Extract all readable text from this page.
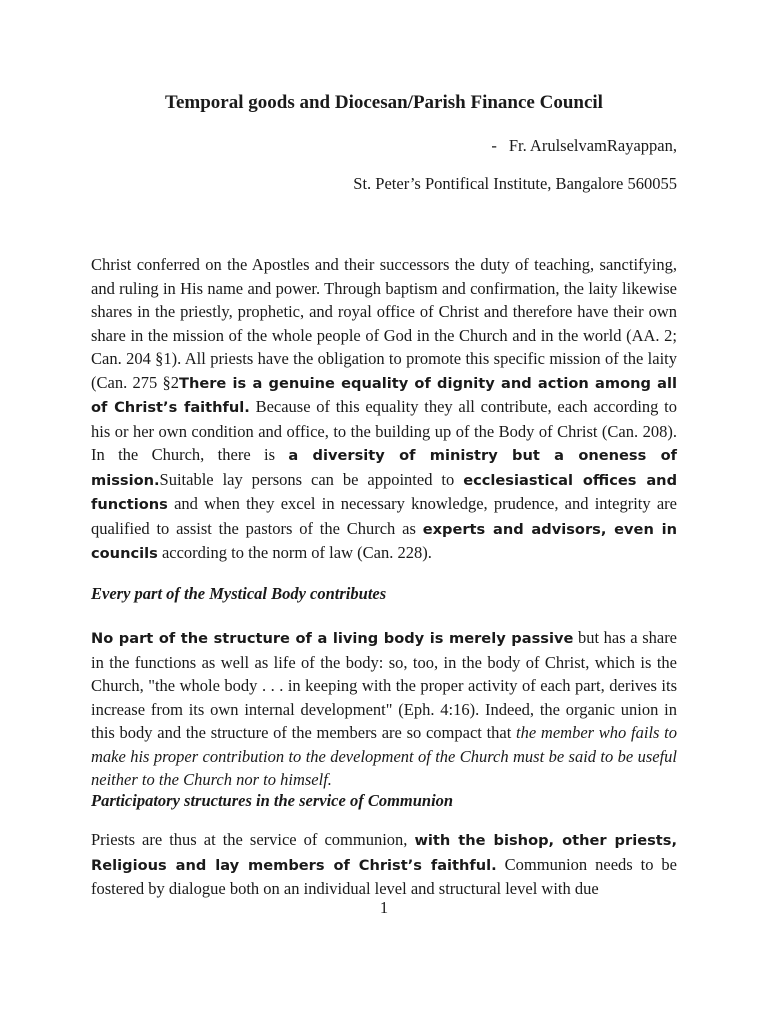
Temporal goods and Diocesan/Parish Finance Council
- Fr. ArulselvamRayappan,
St. Peter’s Pontifical Institute, Bangalore 560055

Christ conferred on the Apostles and their successors the duty of teaching, sanctifying, and ruling in His name and power. Through baptism and confirmation, the laity likewise shares in the priestly, prophetic, and royal office of Christ and therefore have their own share in the mission of the whole people of God in the Church and in the world (AA. 2; Can. 204 §1). All priests have the obligation to promote this specific mission of the laity (Can. 275 §2There is a genuine equality of dignity and action among all of Christ’s faithful. Because of this equality they all contribute, each according to his or her own condition and office, to the building up of the Body of Christ (Can. 208). In the Church, there is a diversity of ministry but a oneness of mission.Suitable lay persons can be appointed to ecclesiastical offices and functions and when they excel in necessary knowledge, prudence, and integrity are qualified to assist the pastors of the Church as experts and advisors, even in councils according to the norm of law (Can. 228).

Every part of the Mystical Body contributes

No part of the structure of a living body is merely passive but has a share in the functions as well as life of the body: so, too, in the body of Christ, which is the Church, "the whole body . . . in keeping with the proper activity of each part, derives its increase from its own internal development" (Eph. 4:16). Indeed, the organic union in this body and the structure of the members are so compact that the member who fails to make his proper contribution to the development of the Church must be said to be useful neither to the Church nor to himself.

Participatory structures in the service of Communion

Priests are thus at the service of communion, with the bishop, other priests, Religious and lay members of Christ’s faithful. Communion needs to be fostered by dialogue both on an individual level and structural level with due

1
